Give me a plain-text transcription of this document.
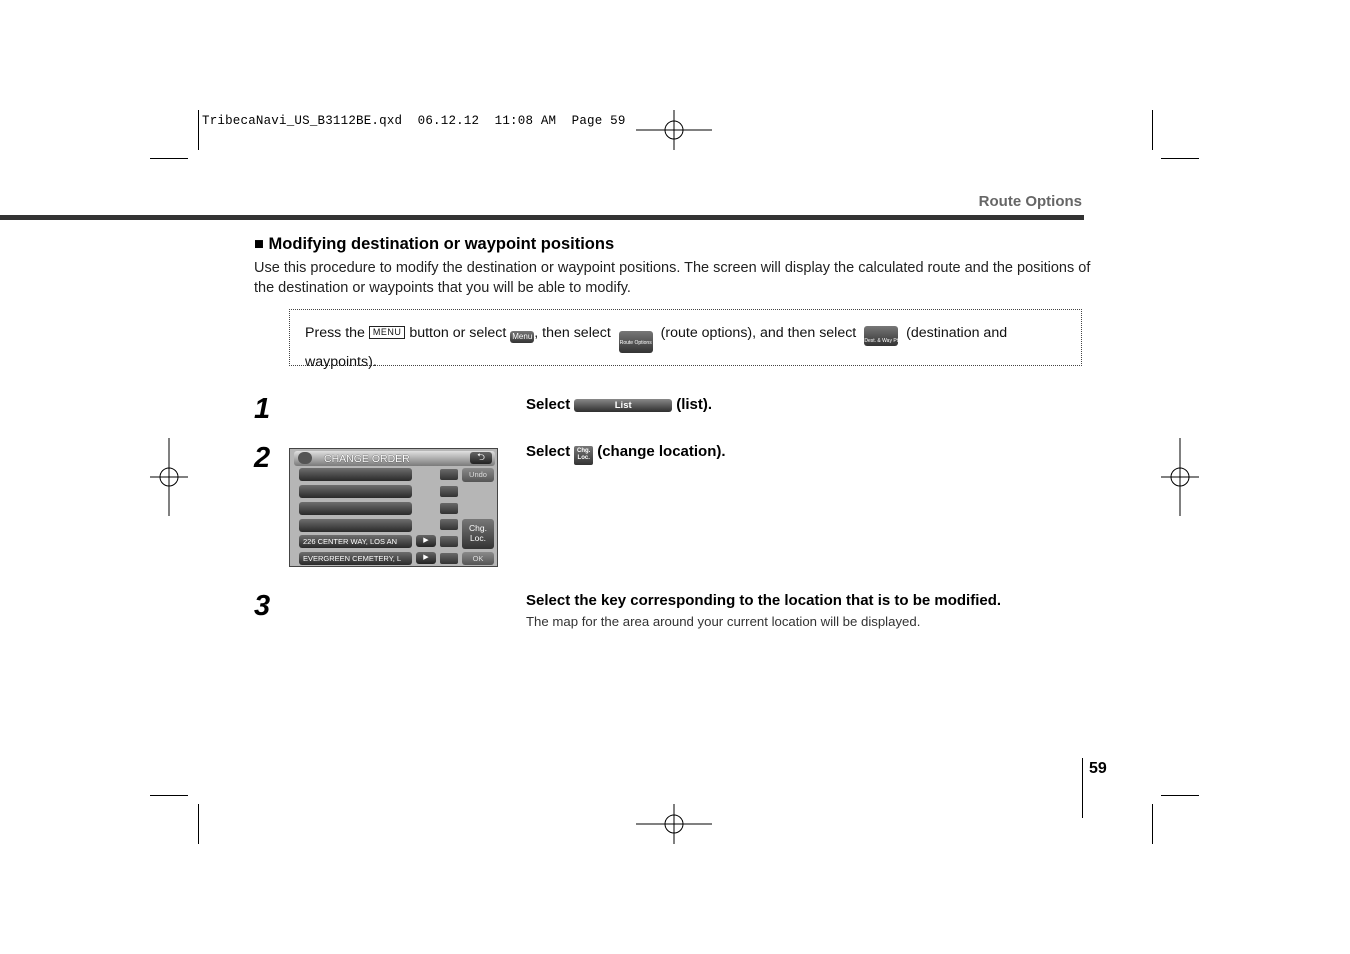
TribecaNavi_US_B3112BE.qxd  06.12.12  11:08 AM  Page 59
Route Options
■ Modifying destination or waypoint positions
Use this procedure to modify the destination or waypoint positions. The screen will display the calculated route and the positions of the destination or waypoints that you will be able to modify.
Press the MENU button or select Menu , then select Route Options (route options), and then select Dest. & Way Pt (destination and waypoints).
1	Select	List	(list).
2	Select Chg. Loc. (change location).
CHANGE ORDER	⮌
226 CENTER WAY, LOS AN
EVERGREEN CEMETERY, L
▶
▶
Undo
Chg.
Loc.
OK
3	Select the key corresponding to the location that is to be modified.
The map for the area around your current location will be displayed.
59
